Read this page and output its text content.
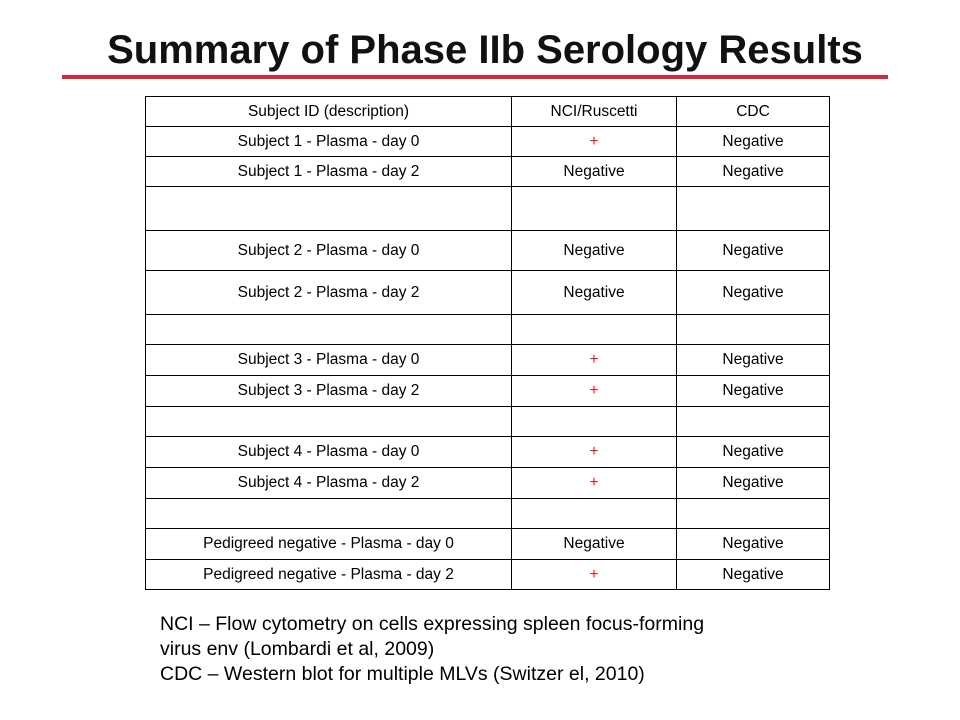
Summary of Phase IIb Serology Results
Subject ID (description)	NCI/Ruscetti	CDC
Subject 1 - Plasma - day 0	+	Negative
Subject 1 - Plasma - day 2	Negative	Negative

Subject 2 - Plasma - day 0	Negative	Negative
Subject 2 - Plasma - day 2	Negative	Negative

Subject 3 - Plasma - day 0	+	Negative
Subject 3 - Plasma - day 2	+	Negative

Subject 4 - Plasma - day 0	+	Negative
Subject 4 - Plasma - day 2	+	Negative

Pedigreed negative - Plasma - day 0	Negative	Negative
Pedigreed negative - Plasma - day 2	+	Negative

NCI – Flow cytometry on cells expressing spleen focus-forming

virus env (Lombardi et al, 2009)

CDC – Western blot for multiple MLVs (Switzer el, 2010)
